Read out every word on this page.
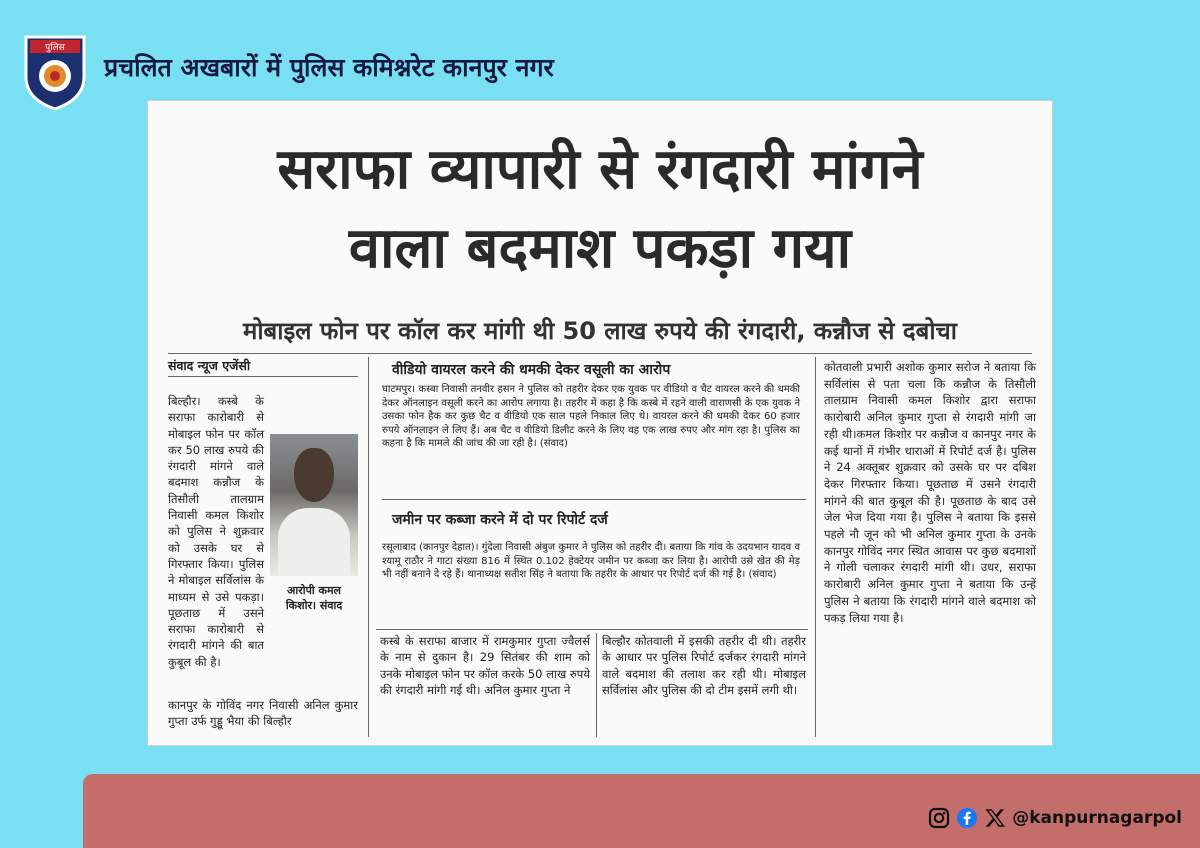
पुलिस
प्रचलित अखबारों में पुलिस कमिश्नरेट कानपुर नगर
सराफा व्यापारी से रंगदारी मांगने
वाला बदमाश पकड़ा गया
मोबाइल फोन पर कॉल कर मांगी थी 50 लाख रुपये की रंगदारी, कन्नौज से दबोचा
संवाद न्यूज एजेंसी
बिल्हौर। कस्बे के सराफा कारोबारी से मोबाइल फोन पर कॉल कर 50 लाख रुपये की रंगदारी मांगने वाले बदमाश कन्नौज के तिसौली तालग्राम निवासी कमल किशोर को पुलिस ने शुक्रवार को उसके घर से गिरफ्तार किया। पुलिस ने मोबाइल सर्विलांस के माध्यम से उसे पकड़ा। पूछताछ में उसने सराफा कारोबारी से रंगदारी मांगने की बात कुबूल की है।
आरोपी कमल किशोर। संवाद
कानपुर के गोविंद नगर निवासी अनिल कुमार गुप्ता उर्फ गुड्डू भैया की बिल्हौर
वीडियो वायरल करने की धमकी देकर वसूली का आरोप
घाटमपुर। कस्बा निवासी तनवीर हसन ने पुलिस को तहरीर देकर एक युवक पर वीडियो व चैट वायरल करने की धमकी देकर ऑनलाइन वसूली करने का आरोप लगाया है। तहरीर में कहा है कि कस्बे में रहने वाली वाराणसी के एक युवक ने उसका फोन हैक कर कुछ चैट व वीडियो एक साल पहले निकाल लिए थे। वायरल करने की धमकी देकर 60 हजार रुपये ऑनलाइन ले लिए हैं। अब चैट व वीडियो डिलीट करने के लिए वह एक लाख रुपए और मांग रहा है। पुलिस का कहना है कि मामले की जांच की जा रही है। (संवाद)
जमीन पर कब्जा करने में दो पर रिपोर्ट दर्ज
रसूलाबाद (कानपुर देहात)। गुंदेला निवासी अंबुज कुमार ने पुलिस को तहरीर दी। बताया कि गांव के उदयभान यादव व श्यामू राठौर ने गाटा संख्या 816 में स्थित 0.102 हेक्टेयर जमीन पर कब्जा कर लिया है। आरोपी उसे खेत की मेड़ भी नहीं बनाने दे रहे हैं। थानाध्यक्ष सतीश सिंह ने बताया कि तहरीर के आधार पर रिपोर्ट दर्ज की गई है। (संवाद)
कस्बे के सराफा बाजार में रामकुमार गुप्ता ज्वैलर्स के नाम से दुकान है। 29 सितंबर की शाम को उनके मोबाइल फोन पर कॉल करके 50 लाख रुपये की रंगदारी मांगी गई थी। अनिल कुमार गुप्ता ने
बिल्हौर कोतवाली में इसकी तहरीर दी थी। तहरीर के आधार पर पुलिस रिपोर्ट दर्जकर रंगदारी मांगने वाले बदमाश की तलाश कर रही थी। मोबाइल सर्विलांस और पुलिस की दो टीम इसमें लगी थी।
कोतवाली प्रभारी अशोक कुमार सरोज ने बताया कि सर्विलांस से पता चला कि कन्नौज के तिसौली तालग्राम निवासी कमल किशोर द्वारा सराफा कारोबारी अनिल कुमार गुप्ता से रंगदारी मांगी जा रही थी।कमल किशोर पर कन्नौज व कानपुर नगर के कई थानों में गंभीर धाराओं में रिपोर्ट दर्ज है। पुलिस ने 24 अक्तूबर शुक्रवार को उसके घर पर दबिश देकर गिरफ्तार किया। पूछताछ में उसने रंगदारी मांगने की बात कुबूल की है। पूछताछ के बाद उसे जेल भेज दिया गया है। पुलिस ने बताया कि इससे पहले नौ जून को भी अनिल कुमार गुप्ता के उनके कानपुर गोविंद नगर स्थित आवास पर कुछ बदमाशों ने गोली चलाकर रंगदारी मांगी थी। उधर, सराफा कारोबारी अनिल कुमार गुप्ता ने बताया कि उन्हें पुलिस ने बताया कि रंगदारी मांगने वाले बदमाश को पकड़ लिया गया है।
@kanpurnagarpol
